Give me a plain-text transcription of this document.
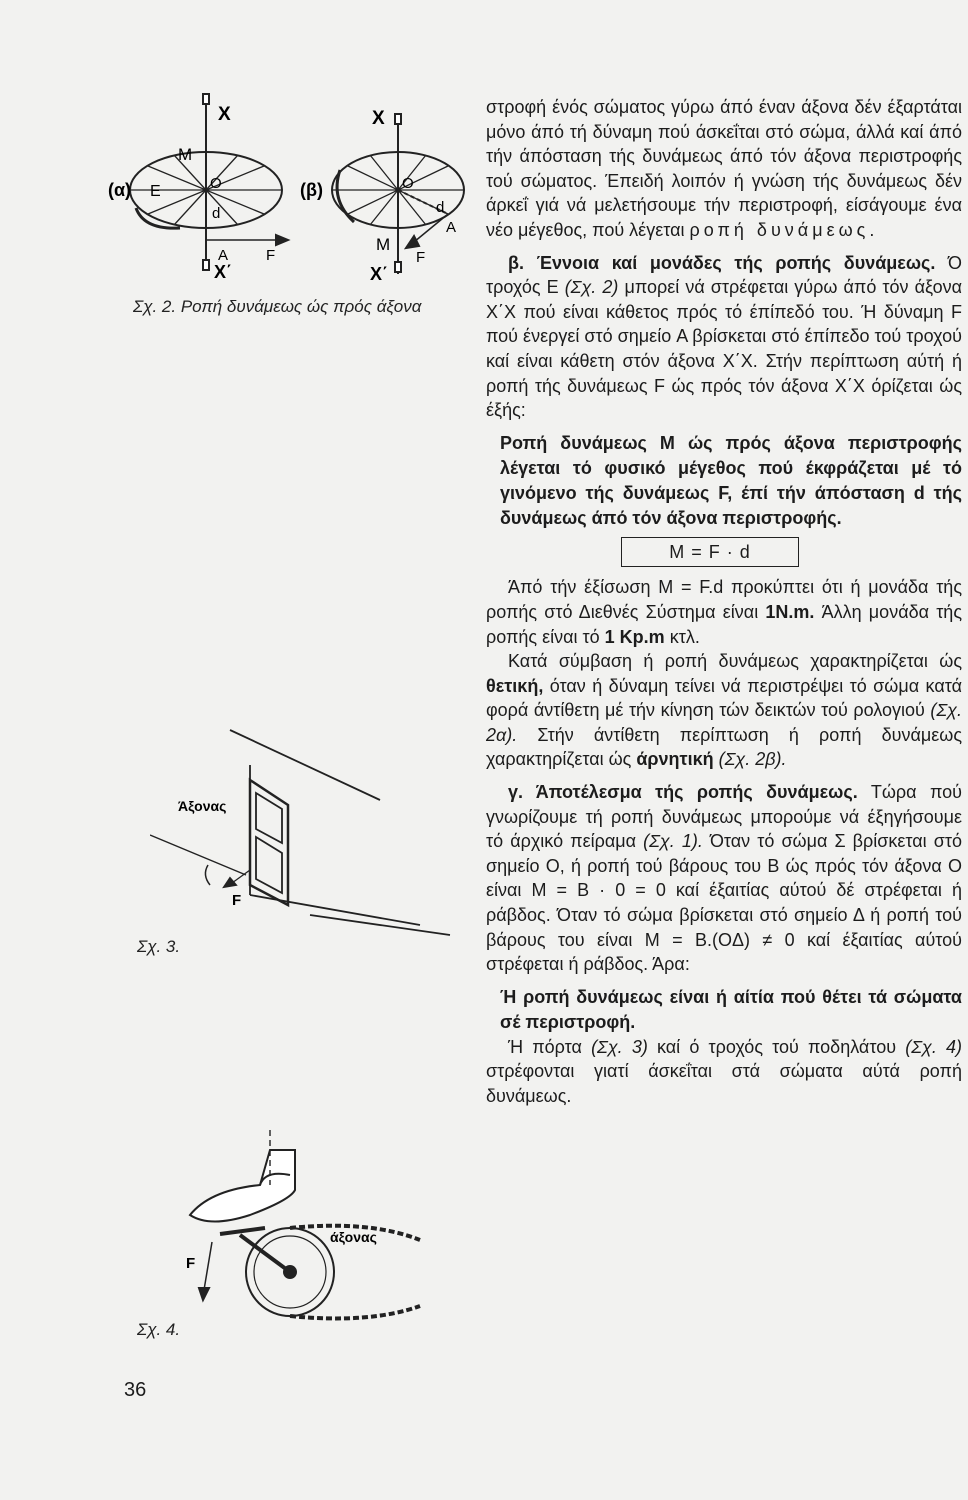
(α)
X
M
E	O
d
A	F
X΄
(β)
X
O
d
A
M
F
X΄
Σχ. 2. Ροπή δυνάμεως ώς πρός άξονα
Άξονας
F
Σχ. 3.
άξονας
F
Σχ. 4.

στροφή ένός σώματος γύρω άπό έναν άξονα δέν έξαρτάται μόνο άπό τή δύναμη πού άσκεΐται στό σώμα, άλλά καί άπό τήν άπόσταση τής δυνάμεως άπό τόν άξονα περιστροφής τού σώματος. Έπειδή λοιπόν ή γνώση τής δυνάμεως δέν άρκεΐ γιά νά μελετήσουμε τήν περιστροφή, είσάγουμε ένα νέο μέγεθος, πού λέγεται ροπή δυνάμεως.

β. Έννοια καί μονάδες τής ροπής δυνάμεως. Ό τροχός E (Σχ. 2) μπορεί νά στρέφεται γύρω άπό τόν άξονα Χ΄Χ πού είναι κάθετος πρός τό έπίπεδό του. Ή δύναμη F πού ένεργεί στό σημείο A βρίσκεται στό έπίπεδο τού τροχού καί είναι κάθετη στόν άξονα Χ΄Χ. Στήν περίπτωση αύτή ή ροπή τής δυνάμεως F ώς πρός τόν άξονα Χ΄Χ όρίζεται ώς έξής:

Ροπή δυνάμεως Μ ώς πρός άξονα περιστροφής λέγεται τό φυσικό μέγεθος πού έκφράζεται μέ τό γινόμενο τής δυνάμεως F, έπί τήν άπόσταση d τής δυνάμεως άπό τόν άξονα περιστροφής.

M = F · d

Άπό τήν έξίσωση M = F.d προκύπτει ότι ή μονάδα τής ροπής στό Διεθνές Σύστημα είναι 1Ν.m. Άλλη μονάδα τής ροπής είναι τό 1 Kp.m κτλ.

Κατά σύμβαση ή ροπή δυνάμεως χαρακτηρίζεται ώς θετική, όταν ή δύναμη τείνει νά περιστρέψει τό σώμα κατά φορά άντίθετη μέ τήν κίνηση τών δεικτών τού ρολογιού (Σχ. 2α). Στήν άντίθετη περίπτωση ή ροπή δυνάμεως χαρακτηρίζεται ώς άρνητική (Σχ. 2β).

γ. Άποτέλεσμα τής ροπής δυνάμεως. Τώρα πού γνωρίζουμε τή ροπή δυνάμεως μπορούμε νά έξηγήσουμε τό άρχικό πείραμα (Σχ. 1). Όταν τό σώμα Σ βρίσκεται στό σημείο O, ή ροπή τού βάρους του B ώς πρός τόν άξονα O είναι M = B · 0 = 0 καί έξαιτίας αύτού δέ στρέφεται ή ράβδος. Όταν τό σώμα βρίσκεται στό σημείο Δ ή ροπή τού βάρους του είναι M = B.(OΔ) ≠ 0 καί έξαιτίας αύτού στρέφεται ή ράβδος. Άρα:

Ή ροπή δυνάμεως είναι ή αίτία πού θέτει τά σώματα σέ περιστροφή.

Ή πόρτα (Σχ. 3) καί ό τροχός τού ποδηλάτου (Σχ. 4) στρέφονται γιατί άσκεΐται στά σώματα αύτά ροπή δυνάμεως.

36
